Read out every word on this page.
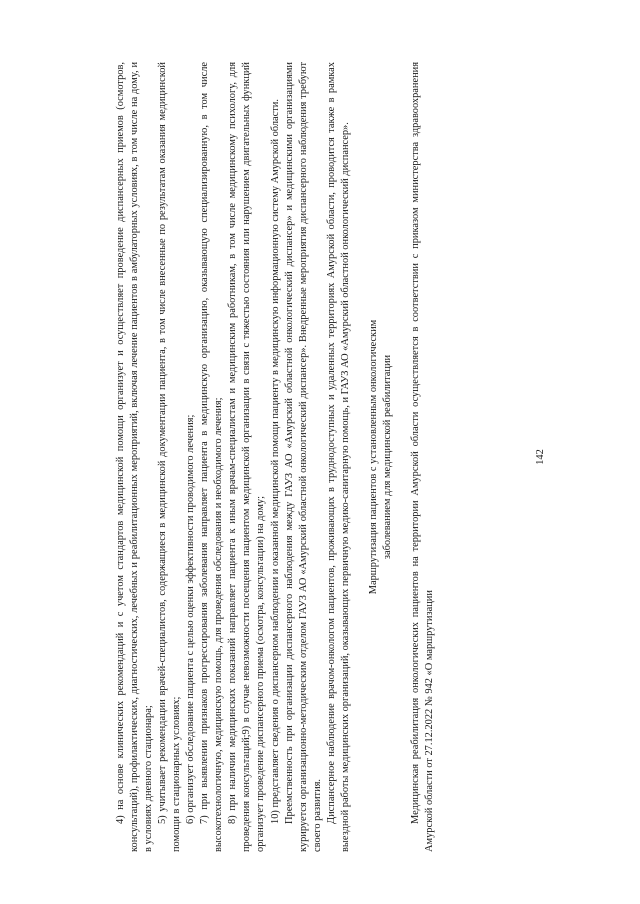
4) на основе клинических рекомендаций и с учетом стандартов медицинской помощи организует и осуществляет проведение диспансерных приемов (осмотров, консультаций), профилактических, диагностических, лечебных и реабилитационных мероприятий, включая лечение пациентов в амбулаторных условиях, в том числе на дому, и в условиях дневного стационара; 5) учитывает рекомендации врачей-специалистов, содержащиеся в медицинской документации пациента, в том числе внесенные по результатам оказания медицинской помощи в стационарных условиях; 6) организует обследование пациента с целью оценки эффективности проводимого лечения; 7) при выявлении признаков прогрессирования заболевания направляет пациента в медицинскую организацию, оказывающую специализированную, в том числе высокотехнологичную, медицинскую помощь, для проведения обследования и необходимого лечения; 8) при наличии медицинских показаний направляет пациента к иным врачам-специалистам и медицинским работникам, в том числе медицинскому психологу, для проведения консультаций;9) в случае невозможности посещения пациентом медицинской организации в связи с тяжестью состояния или нарушением двигательных функций организует проведение диспансерного приема (осмотра, консультации) на дому; 10) представляет сведения о диспансерном наблюдении и оказанной медицинской помощи пациенту в медицинскую информационную систему Амурской области. Преемственность при организации диспансерного наблюдения между ГАУЗ АО «Амурский областной онкологический диспансер» и медицинскими организациями курируется организационно-методическим отделом ГАУЗ АО «Амурский областной онкологический диспансер». Внедренные мероприятия диспансерного наблюдения требуют своего развития. Диспансерное наблюдение врачом-онкологом пациентов, проживающих в труднодоступных и удаленных территориях Амурской области, проводится также в рамках выездной работы медицинских организаций, оказывающих первичную медико-санитарную помощь, и ГАУЗ АО «Амурский областной онкологический диспансер». Маршрутизация пациентов с установленным онкологическим заболеванием для медицинской реабилитации Медицинская реабилитация онкологических пациентов на территории Амурской области осуществляется в соответствии с приказом министерства здравоохранения Амурской области от 27.12.2022 № 942 «О маршрутизации

142
